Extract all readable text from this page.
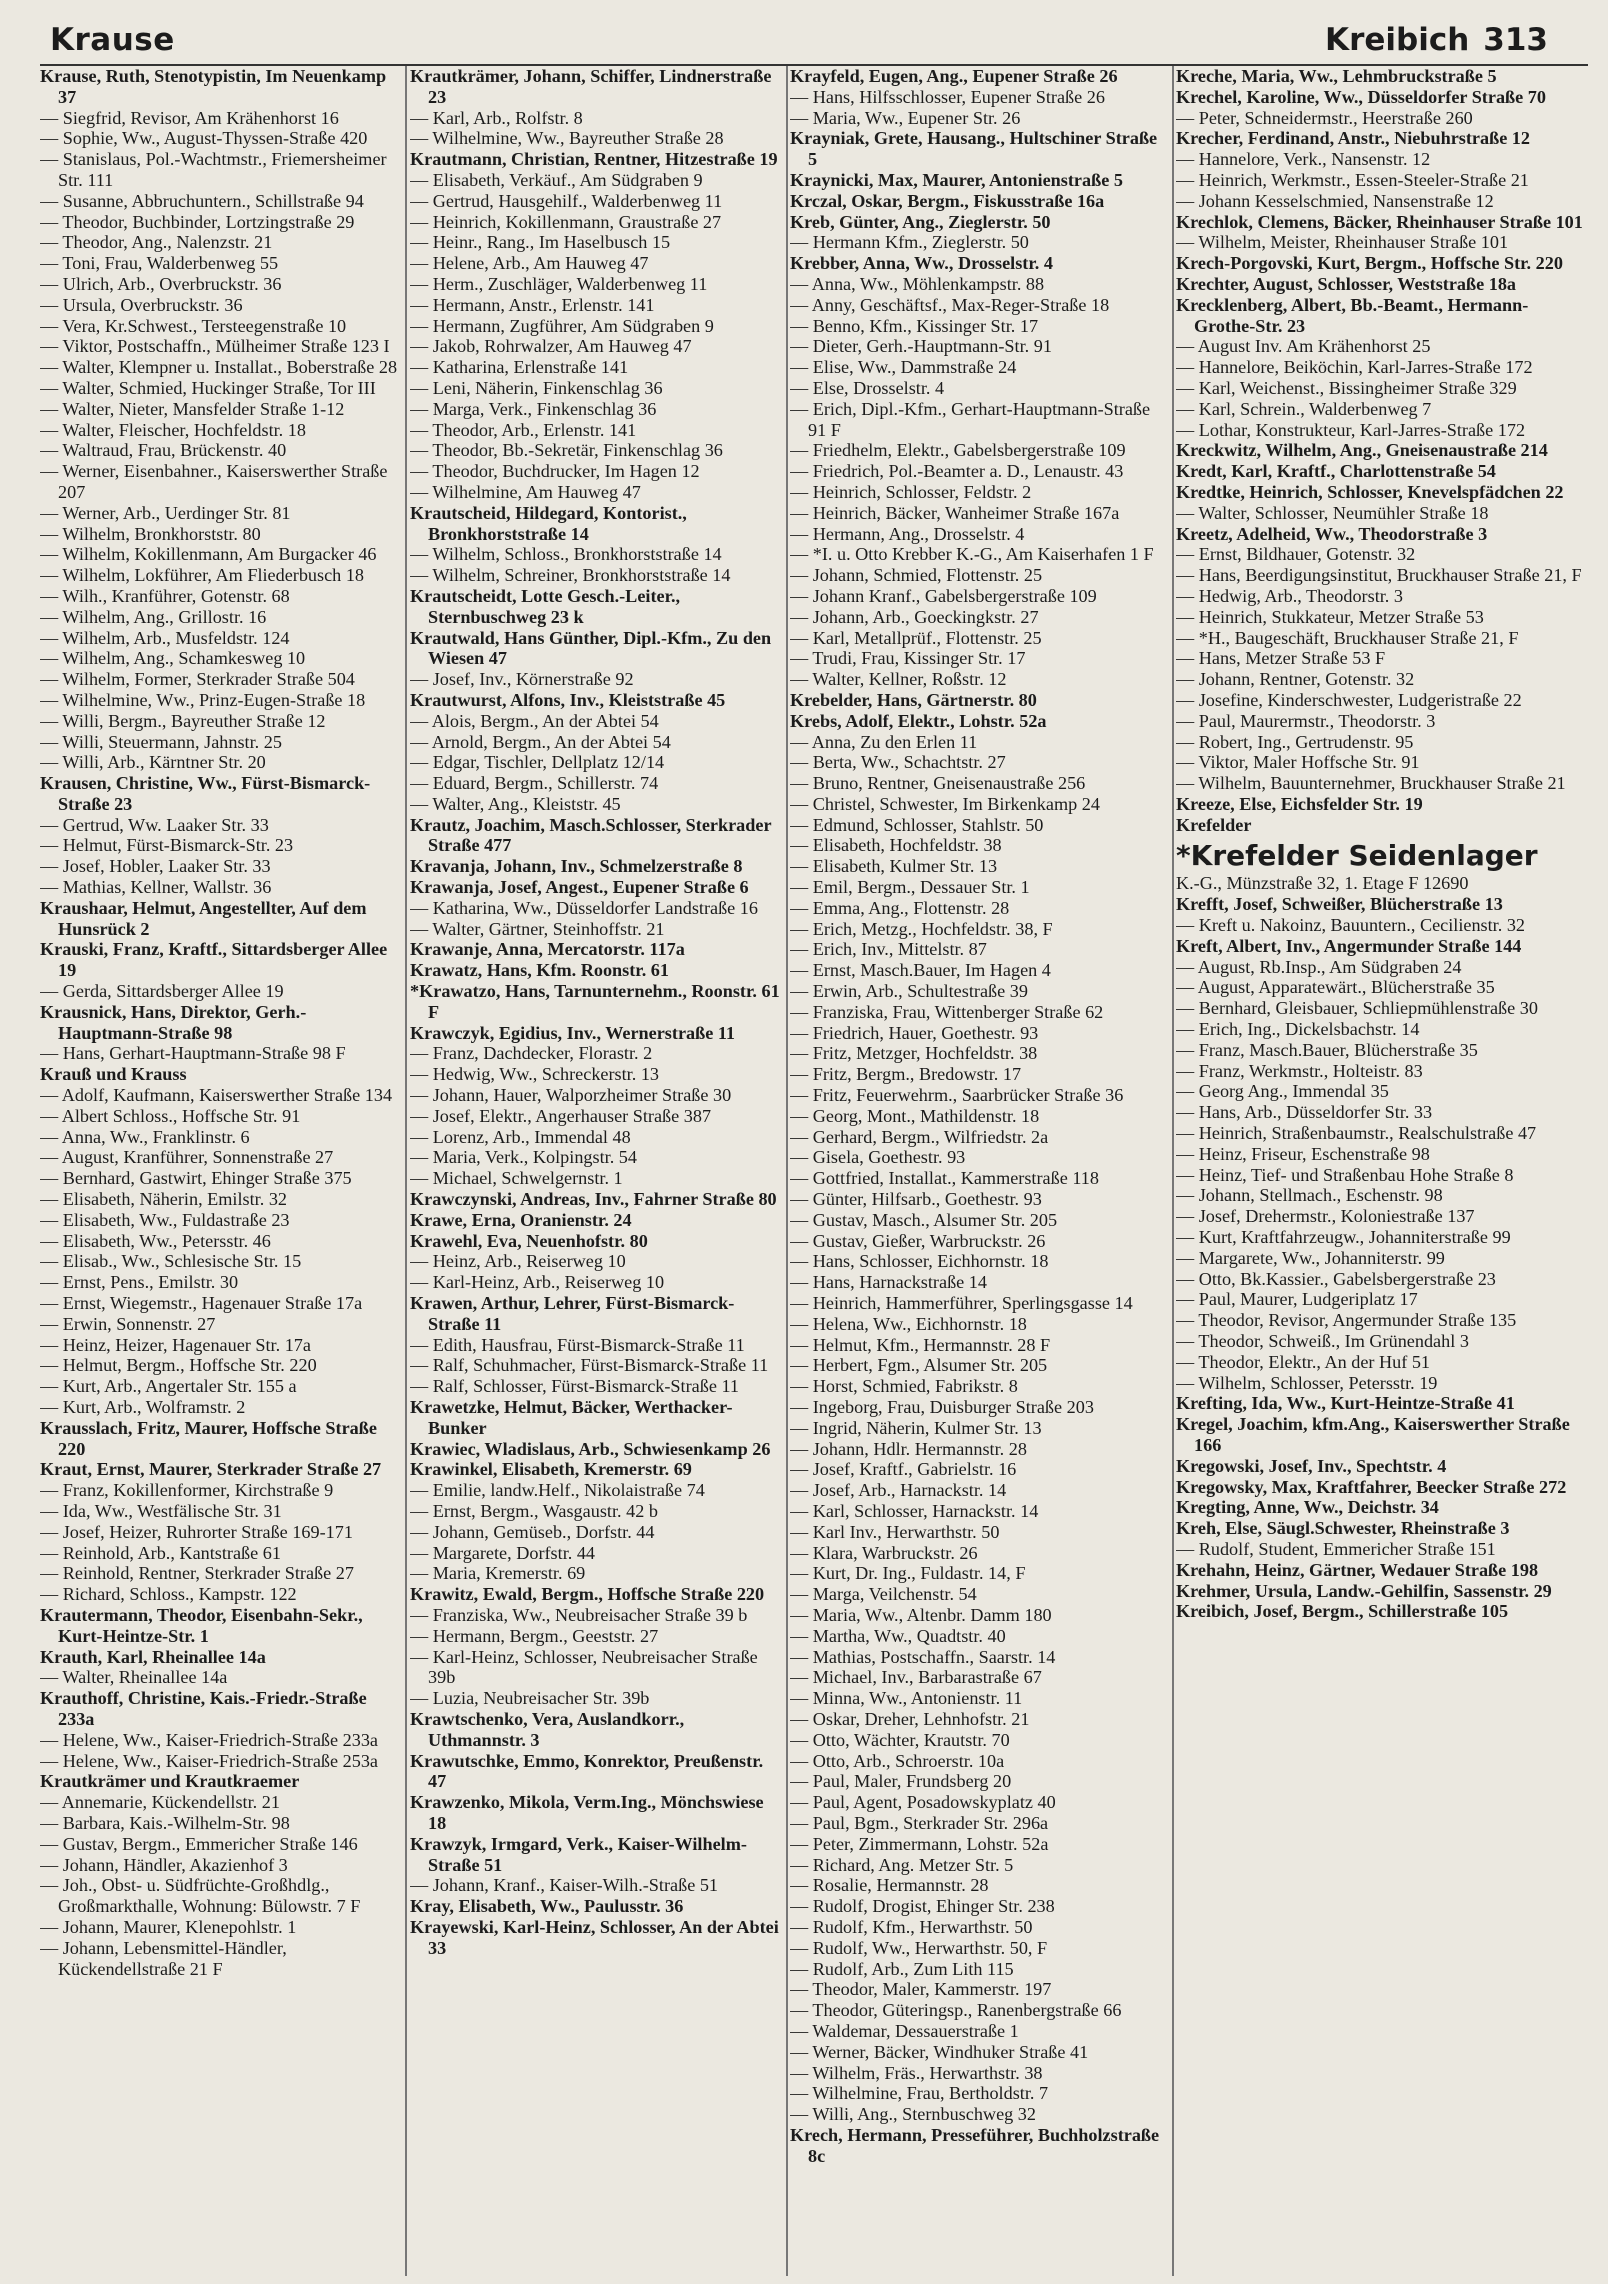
Krause	Kreibich 313
Krause, Ruth, Stenotypistin, Im Neuenkamp 37
— Siegfrid, Revisor, Am Krähenhorst 16
— Sophie, Ww., August-Thyssen-Straße 420
— Stanislaus, Pol.-Wachtmstr., Friemersheimer Str. 111
— Susanne, Abbruchuntern., Schillstraße 94
— Theodor, Buchbinder, Lortzingstraße 29
— Theodor, Ang., Nalenzstr. 21
— Toni, Frau, Walderbenweg 55
— Ulrich, Arb., Overbruckstr. 36
— Ursula, Overbruckstr. 36
— Vera, Kr.Schwest., Tersteegenstraße 10
— Viktor, Postschaffn., Mülheimer Straße 123 I
— Walter, Klempner u. Installat., Boberstraße 28
— Walter, Schmied, Huckinger Straße, Tor III
— Walter, Nieter, Mansfelder Straße 1-12
— Walter, Fleischer, Hochfeldstr. 18
— Waltraud, Frau, Brückenstr. 40
— Werner, Eisenbahner., Kaiserswerther Straße 207
— Werner, Arb., Uerdinger Str. 81
— Wilhelm, Bronkhorststr. 80
— Wilhelm, Kokillenmann, Am Burgacker 46
— Wilhelm, Lokführer, Am Fliederbusch 18
— Wilh., Kranführer, Gotenstr. 68
— Wilhelm, Ang., Grillostr. 16
— Wilhelm, Arb., Musfeldstr. 124
— Wilhelm, Ang., Schamkesweg 10
— Wilhelm, Former, Sterkrader Straße 504
— Wilhelmine, Ww., Prinz-Eugen-Straße 18
— Willi, Bergm., Bayreuther Straße 12
— Willi, Steuermann, Jahnstr. 25
— Willi, Arb., Kärntner Str. 20
Krausen, Christine, Ww., Fürst-Bismarck-Straße 23
— Gertrud, Ww. Laaker Str. 33
— Helmut, Fürst-Bismarck-Str. 23
— Josef, Hobler, Laaker Str. 33
— Mathias, Kellner, Wallstr. 36
Kraushaar, Helmut, Angestellter, Auf dem Hunsrück 2
Krauski, Franz, Kraftf., Sittardsberger Allee 19
— Gerda, Sittardsberger Allee 19
Krausnick, Hans, Direktor, Gerh.-Hauptmann-Straße 98
— Hans, Gerhart-Hauptmann-Straße 98 F
Krauß und Krauss
— Adolf, Kaufmann, Kaiserswerther Straße 134
— Albert Schloss., Hoffsche Str. 91
— Anna, Ww., Franklinstr. 6
— August, Kranführer, Sonnenstraße 27
— Bernhard, Gastwirt, Ehinger Straße 375
— Elisabeth, Näherin, Emilstr. 32
— Elisabeth, Ww., Fuldastraße 23
— Elisabeth, Ww., Petersstr. 46
— Elisab., Ww., Schlesische Str. 15
— Ernst, Pens., Emilstr. 30
— Ernst, Wiegemstr., Hagenauer Straße 17a
— Erwin, Sonnenstr. 27
— Heinz, Heizer, Hagenauer Str. 17a
— Helmut, Bergm., Hoffsche Str. 220
— Kurt, Arb., Angertaler Str. 155 a
— Kurt, Arb., Wolframstr. 2
Krausslach, Fritz, Maurer, Hoffsche Straße 220
Kraut, Ernst, Maurer, Sterkrader Straße 27
— Franz, Kokillenformer, Kirchstraße 9
— Ida, Ww., Westfälische Str. 31
— Josef, Heizer, Ruhrorter Straße 169-171
— Reinhold, Arb., Kantstraße 61
— Reinhold, Rentner, Sterkrader Straße 27
— Richard, Schloss., Kampstr. 122
Krautermann, Theodor, Eisenbahn-Sekr., Kurt-Heintze-Str. 1
Krauth, Karl, Rheinallee 14a
— Walter, Rheinallee 14a
Krauthoff, Christine, Kais.-Friedr.-Straße 233a
— Helene, Ww., Kaiser-Friedrich-Straße 233a
— Helene, Ww., Kaiser-Friedrich-Straße 253a
Krautkrämer und Krautkraemer
— Annemarie, Kückendellstr. 21
— Barbara, Kais.-Wilhelm-Str. 98
— Gustav, Bergm., Emmericher Straße 146
— Johann, Händler, Akazienhof 3
— Joh., Obst- u. Südfrüchte-Großhdlg., Großmarkthalle, Wohnung: Bülowstr. 7 F
— Johann, Maurer, Klenepohlstr. 1
— Johann, Lebensmittel-Händler, Kückendellstraße 21 F
Krautkrämer, Johann, Schiffer, Lindnerstraße 23
— Karl, Arb., Rolfstr. 8
— Wilhelmine, Ww., Bayreuther Straße 28
Krautmann, Christian, Rentner, Hitzestraße 19
— Elisabeth, Verkäuf., Am Südgraben 9
— Gertrud, Hausgehilf., Walderbenweg 11
— Heinrich, Kokillenmann, Graustraße 27
— Heinr., Rang., Im Haselbusch 15
— Helene, Arb., Am Hauweg 47
— Herm., Zuschläger, Walderbenweg 11
— Hermann, Anstr., Erlenstr. 141
— Hermann, Zugführer, Am Südgraben 9
— Jakob, Rohrwalzer, Am Hauweg 47
— Katharina, Erlenstraße 141
— Leni, Näherin, Finkenschlag 36
— Marga, Verk., Finkenschlag 36
— Theodor, Arb., Erlenstr. 141
— Theodor, Bb.-Sekretär, Finkenschlag 36
— Theodor, Buchdrucker, Im Hagen 12
— Wilhelmine, Am Hauweg 47
Krautscheid, Hildegard, Kontorist., Bronkhorststraße 14
— Wilhelm, Schloss., Bronkhorststraße 14
— Wilhelm, Schreiner, Bronkhorststraße 14
Krautscheidt, Lotte Gesch.-Leiter., Sternbuschweg 23 k
Krautwald, Hans Günther, Dipl.-Kfm., Zu den Wiesen 47
— Josef, Inv., Körnerstraße 92
Krautwurst, Alfons, Inv., Kleiststraße 45
— Alois, Bergm., An der Abtei 54
— Arnold, Bergm., An der Abtei 54
— Edgar, Tischler, Dellplatz 12/14
— Eduard, Bergm., Schillerstr. 74
— Walter, Ang., Kleiststr. 45
Krautz, Joachim, Masch.Schlosser, Sterkrader Straße 477
Kravanja, Johann, Inv., Schmelzerstraße 8
Krawanja, Josef, Angest., Eupener Straße 6
— Katharina, Ww., Düsseldorfer Landstraße 16
— Walter, Gärtner, Steinhoffstr. 21
Krawanje, Anna, Mercatorstr. 117a
Krawatz, Hans, Kfm. Roonstr. 61
*Krawatzo, Hans, Tarnunternehm., Roonstr. 61 F
Krawczyk, Egidius, Inv., Wernerstraße 11
— Franz, Dachdecker, Florastr. 2
— Hedwig, Ww., Schreckerstr. 13
— Johann, Hauer, Walporzheimer Straße 30
— Josef, Elektr., Angerhauser Straße 387
— Lorenz, Arb., Immendal 48
— Maria, Verk., Kolpingstr. 54
— Michael, Schwelgernstr. 1
Krawczynski, Andreas, Inv., Fahrner Straße 80
Krawe, Erna, Oranienstr. 24
Krawehl, Eva, Neuenhofstr. 80
— Heinz, Arb., Reiserweg 10
— Karl-Heinz, Arb., Reiserweg 10
Krawen, Arthur, Lehrer, Fürst-Bismarck-Straße 11
— Edith, Hausfrau, Fürst-Bismarck-Straße 11
— Ralf, Schuhmacher, Fürst-Bismarck-Straße 11
— Ralf, Schlosser, Fürst-Bismarck-Straße 11
Krawetzke, Helmut, Bäcker, Werthacker-Bunker
Krawiec, Wladislaus, Arb., Schwiesenkamp 26
Krawinkel, Elisabeth, Kremerstr. 69
— Emilie, landw.Helf., Nikolaistraße 74
— Ernst, Bergm., Wasgaustr. 42 b
— Johann, Gemüseb., Dorfstr. 44
— Margarete, Dorfstr. 44
— Maria, Kremerstr. 69
Krawitz, Ewald, Bergm., Hoffsche Straße 220
— Franziska, Ww., Neubreisacher Straße 39 b
— Hermann, Bergm., Geeststr. 27
— Karl-Heinz, Schlosser, Neubreisacher Straße 39b
— Luzia, Neubreisacher Str. 39b
Krawtschenko, Vera, Auslandkorr., Uthmannstr. 3
Krawutschke, Emmo, Konrektor, Preußenstr. 47
Krawzenko, Mikola, Verm.Ing., Mönchswiese 18
Krawzyk, Irmgard, Verk., Kaiser-Wilhelm-Straße 51
— Johann, Kranf., Kaiser-Wilh.-Straße 51
Kray, Elisabeth, Ww., Paulusstr. 36
Krayewski, Karl-Heinz, Schlosser, An der Abtei 33
Krayfeld, Eugen, Ang., Eupener Straße 26
— Hans, Hilfsschlosser, Eupener Straße 26
— Maria, Ww., Eupener Str. 26
Krayniak, Grete, Hausang., Hultschiner Straße 5
Kraynicki, Max, Maurer, Antonienstraße 5
Krczal, Oskar, Bergm., Fiskusstraße 16a
Kreb, Günter, Ang., Zieglerstr. 50
— Hermann Kfm., Zieglerstr. 50
Krebber, Anna, Ww., Drosselstr. 4
— Anna, Ww., Möhlenkampstr. 88
— Anny, Geschäftsf., Max-Reger-Straße 18
— Benno, Kfm., Kissinger Str. 17
— Dieter, Gerh.-Hauptmann-Str. 91
— Elise, Ww., Dammstraße 24
— Else, Drosselstr. 4
— Erich, Dipl.-Kfm., Gerhart-Hauptmann-Straße 91 F
— Friedhelm, Elektr., Gabelsbergerstraße 109
— Friedrich, Pol.-Beamter a. D., Lenaustr. 43
— Heinrich, Schlosser, Feldstr. 2
— Heinrich, Bäcker, Wanheimer Straße 167a
— Hermann, Ang., Drosselstr. 4
— *I. u. Otto Krebber K.-G., Am Kaiserhafen 1 F
— Johann, Schmied, Flottenstr. 25
— Johann Kranf., Gabelsbergerstraße 109
— Johann, Arb., Goeckingkstr. 27
— Karl, Metallprüf., Flottenstr. 25
— Trudi, Frau, Kissinger Str. 17
— Walter, Kellner, Roßstr. 12
Krebelder, Hans, Gärtnerstr. 80
Krebs, Adolf, Elektr., Lohstr. 52a
— Anna, Zu den Erlen 11
— Berta, Ww., Schachtstr. 27
— Bruno, Rentner, Gneisenaustraße 256
— Christel, Schwester, Im Birkenkamp 24
— Edmund, Schlosser, Stahlstr. 50
— Elisabeth, Hochfeldstr. 38
— Elisabeth, Kulmer Str. 13
— Emil, Bergm., Dessauer Str. 1
— Emma, Ang., Flottenstr. 28
— Erich, Metzg., Hochfeldstr. 38, F
— Erich, Inv., Mittelstr. 87
— Ernst, Masch.Bauer, Im Hagen 4
— Erwin, Arb., Schultestraße 39
— Franziska, Frau, Wittenberger Straße 62
— Friedrich, Hauer, Goethestr. 93
— Fritz, Metzger, Hochfeldstr. 38
— Fritz, Bergm., Bredowstr. 17
— Fritz, Feuerwehrm., Saarbrücker Straße 36
— Georg, Mont., Mathildenstr. 18
— Gerhard, Bergm., Wilfriedstr. 2a
— Gisela, Goethestr. 93
— Gottfried, Installat., Kammerstraße 118
— Günter, Hilfsarb., Goethestr. 93
— Gustav, Masch., Alsumer Str. 205
— Gustav, Gießer, Warbruckstr. 26
— Hans, Schlosser, Eichhornstr. 18
— Hans, Harnackstraße 14
— Heinrich, Hammerführer, Sperlingsgasse 14
— Helena, Ww., Eichhornstr. 18
— Helmut, Kfm., Hermannstr. 28 F
— Herbert, Fgm., Alsumer Str. 205
— Horst, Schmied, Fabrikstr. 8
— Ingeborg, Frau, Duisburger Straße 203
— Ingrid, Näherin, Kulmer Str. 13
— Johann, Hdlr. Hermannstr. 28
— Josef, Kraftf., Gabrielstr. 16
— Josef, Arb., Harnackstr. 14
— Karl, Schlosser, Harnackstr. 14
— Karl Inv., Herwarthstr. 50
— Klara, Warbruckstr. 26
— Kurt, Dr. Ing., Fuldastr. 14, F
— Marga, Veilchenstr. 54
— Maria, Ww., Altenbr. Damm 180
— Martha, Ww., Quadtstr. 40
— Mathias, Postschaffn., Saarstr. 14
— Michael, Inv., Barbarastraße 67
— Minna, Ww., Antonienstr. 11
— Oskar, Dreher, Lehnhofstr. 21
— Otto, Wächter, Krautstr. 70
— Otto, Arb., Schroerstr. 10a
— Paul, Maler, Frundsberg 20
— Paul, Agent, Posadowskyplatz 40
— Paul, Bgm., Sterkrader Str. 296a
— Peter, Zimmermann, Lohstr. 52a
— Richard, Ang. Metzer Str. 5
— Rosalie, Hermannstr. 28
— Rudolf, Drogist, Ehinger Str. 238
— Rudolf, Kfm., Herwarthstr. 50
— Rudolf, Ww., Herwarthstr. 50, F
— Rudolf, Arb., Zum Lith 115
— Theodor, Maler, Kammerstr. 197
— Theodor, Güteringsp., Ranenbergstraße 66
— Waldemar, Dessauerstraße 1
— Werner, Bäcker, Windhuker Straße 41
— Wilhelm, Fräs., Herwarthstr. 38
— Wilhelmine, Frau, Bertholdstr. 7
— Willi, Ang., Sternbuschweg 32
Krech, Hermann, Presseführer, Buchholzstraße 8c
Kreche, Maria, Ww., Lehmbruckstraße 5
Krechel, Karoline, Ww., Düsseldorfer Straße 70
— Peter, Schneidermstr., Heerstraße 260
Krecher, Ferdinand, Anstr., Niebuhrstraße 12
— Hannelore, Verk., Nansenstr. 12
— Heinrich, Werkmstr., Essen-Steeler-Straße 21
— Johann Kesselschmied, Nansenstraße 12
Krechlok, Clemens, Bäcker, Rheinhauser Straße 101
— Wilhelm, Meister, Rheinhauser Straße 101
Krech-Porgovski, Kurt, Bergm., Hoffsche Str. 220
Krechter, August, Schlosser, Weststraße 18a
Krecklenberg, Albert, Bb.-Beamt., Hermann-Grothe-Str. 23
— August Inv. Am Krähenhorst 25
— Hannelore, Beiköchin, Karl-Jarres-Straße 172
— Karl, Weichenst., Bissingheimer Straße 329
— Karl, Schrein., Walderbenweg 7
— Lothar, Konstrukteur, Karl-Jarres-Straße 172
Kreckwitz, Wilhelm, Ang., Gneisenaustraße 214
Kredt, Karl, Kraftf., Charlottenstraße 54
Kredtke, Heinrich, Schlosser, Knevelspfädchen 22
— Walter, Schlosser, Neumühler Straße 18
Kreetz, Adelheid, Ww., Theodorstraße 3
— Ernst, Bildhauer, Gotenstr. 32
— Hans, Beerdigungsinstitut, Bruckhauser Straße 21, F
— Hedwig, Arb., Theodorstr. 3
— Heinrich, Stukkateur, Metzer Straße 53
— *H., Baugeschäft, Bruckhauser Straße 21, F
— Hans, Metzer Straße 53 F
— Johann, Rentner, Gotenstr. 32
— Josefine, Kinderschwester, Ludgeristraße 22
— Paul, Maurermstr., Theodorstr. 3
— Robert, Ing., Gertrudenstr. 95
— Viktor, Maler Hoffsche Str. 91
— Wilhelm, Bauunternehmer, Bruckhauser Straße 21
Kreeze, Else, Eichsfelder Str. 19
Krefelder
*Krefelder Seidenlager
K.-G., Münzstraße 32, 1. Etage F 12690
Krefft, Josef, Schweißer, Blücherstraße 13
— Kreft u. Nakoinz, Bauuntern., Cecilienstr. 32
Kreft, Albert, Inv., Angermunder Straße 144
— August, Rb.Insp., Am Südgraben 24
— August, Apparatewärt., Blücherstraße 35
— Bernhard, Gleisbauer, Schliepmühlenstraße 30
— Erich, Ing., Dickelsbachstr. 14
— Franz, Masch.Bauer, Blücherstraße 35
— Franz, Werkmstr., Holteistr. 83
— Georg Ang., Immendal 35
— Hans, Arb., Düsseldorfer Str. 33
— Heinrich, Straßenbaumstr., Realschulstraße 47
— Heinz, Friseur, Eschenstraße 98
— Heinz, Tief- und Straßenbau Hohe Straße 8
— Johann, Stellmach., Eschenstr. 98
— Josef, Drehermstr., Koloniestraße 137
— Kurt, Kraftfahrzeugw., Johanniterstraße 99
— Margarete, Ww., Johanniterstr. 99
— Otto, Bk.Kassier., Gabelsbergerstraße 23
— Paul, Maurer, Ludgeriplatz 17
— Theodor, Revisor, Angermunder Straße 135
— Theodor, Schweiß., Im Grünendahl 3
— Theodor, Elektr., An der Huf 51
— Wilhelm, Schlosser, Petersstr. 19
Krefting, Ida, Ww., Kurt-Heintze-Straße 41
Kregel, Joachim, kfm.Ang., Kaiserswerther Straße 166
Kregowski, Josef, Inv., Spechtstr. 4
Kregowsky, Max, Kraftfahrer, Beecker Straße 272
Kregting, Anne, Ww., Deichstr. 34
Kreh, Else, Säugl.Schwester, Rheinstraße 3
— Rudolf, Student, Emmericher Straße 151
Krehahn, Heinz, Gärtner, Wedauer Straße 198
Krehmer, Ursula, Landw.-Gehilfin, Sassenstr. 29
Kreibich, Josef, Bergm., Schillerstraße 105
